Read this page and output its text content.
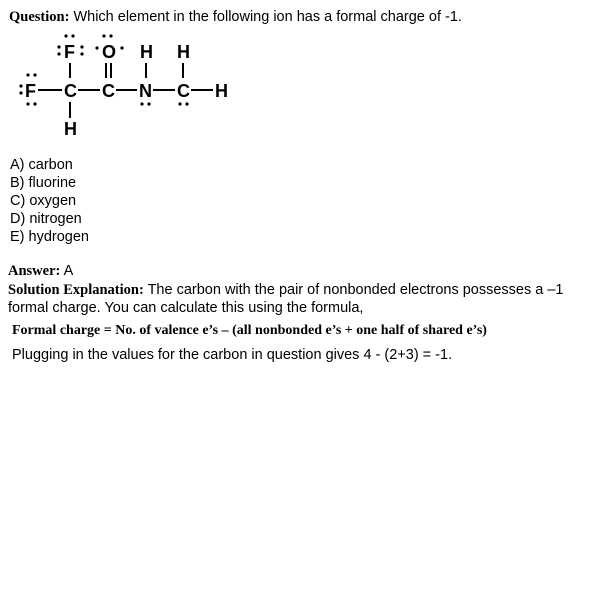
Question: Which element in the following ion has a formal charge of -1.
F O H H
F C C N C H
H
A) carbon
B) fluorine
C) oxygen
D) nitrogen
E) hydrogen
Answer: A
Solution Explanation: The carbon with the pair of nonbonded electrons possesses a –1 formal charge. You can calculate this using the formula,
Formal charge = No. of valence e’s – (all nonbonded e’s + one half of shared e’s)
Plugging in the values for the carbon in question gives 4 - (2+3) = -1.
